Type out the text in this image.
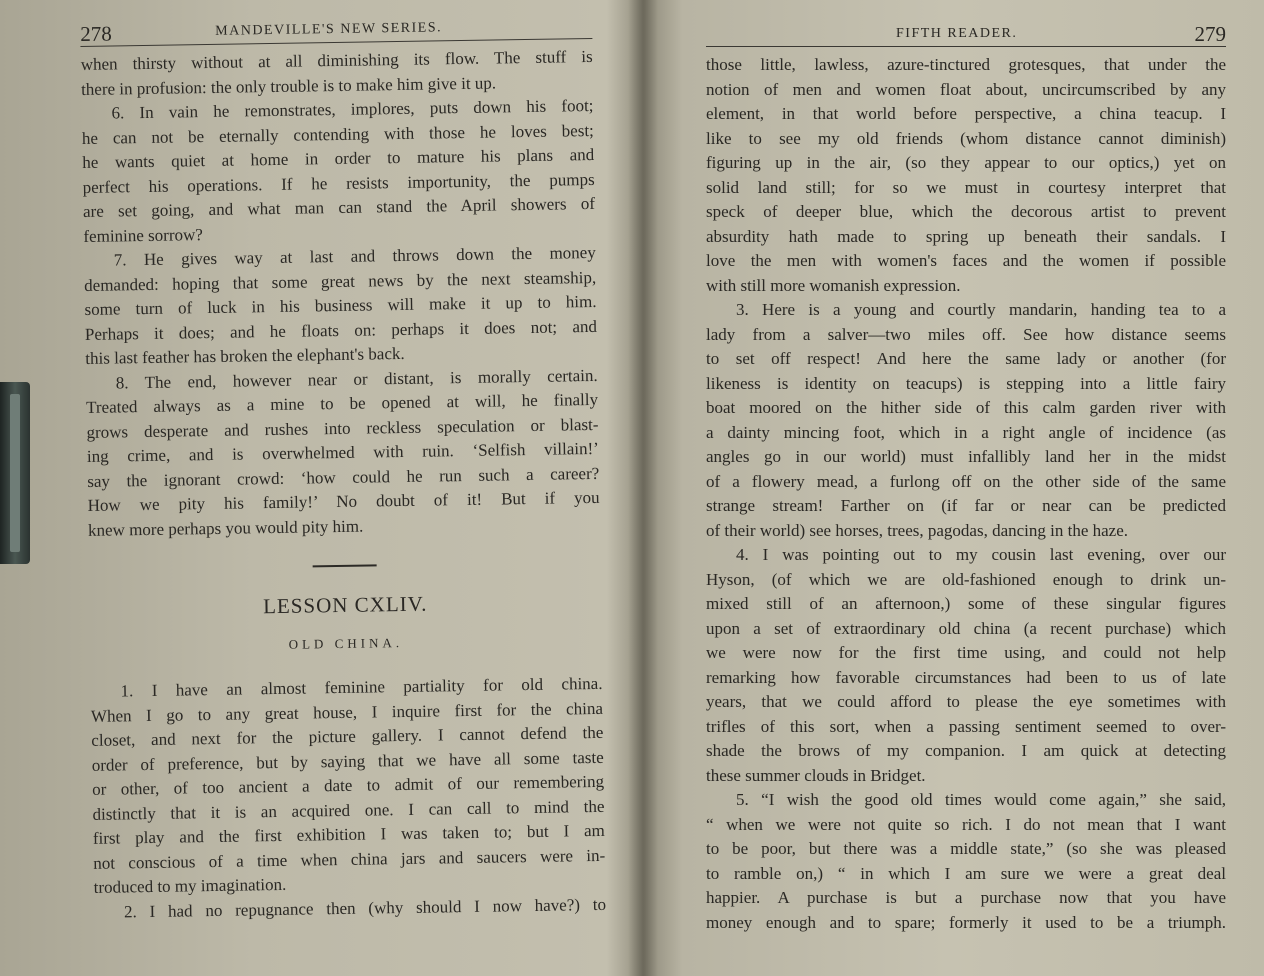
278	MANDEVILLE'S NEW SERIES.
when thirsty without at all diminishing its flow. The stuff is
there in profusion: the only trouble is to make him give it up.
6. In vain he remonstrates, implores, puts down his foot;
he can not be eternally contending with those he loves best;
he wants quiet at home in order to mature his plans and
perfect his operations. If he resists importunity, the pumps
are set going, and what man can stand the April showers of
feminine sorrow?
7. He gives way at last and throws down the money
demanded: hoping that some great news by the next steamship,
some turn of luck in his business will make it up to him.
Perhaps it does; and he floats on: perhaps it does not; and
this last feather has broken the elephant's back.
8. The end, however near or distant, is morally certain.
Treated always as a mine to be opened at will, he finally
grows desperate and rushes into reckless speculation or blast-
ing crime, and is overwhelmed with ruin. ‘Selfish villain!’
say the ignorant crowd: ‘how could he run such a career?
How we pity his family!’ No doubt of it! But if you
knew more perhaps you would pity him.
LESSON CXLIV.
OLD CHINA.
1. I have an almost feminine partiality for old china.
When I go to any great house, I inquire first for the china
closet, and next for the picture gallery. I cannot defend the
order of preference, but by saying that we have all some taste
or other, of too ancient a date to admit of our remembering
distinctly that it is an acquired one. I can call to mind the
first play and the first exhibition I was taken to; but I am
not conscious of a time when china jars and saucers were in-
troduced to my imagination.
2. I had no repugnance then (why should I now have?) to
FIFTH READER.	279
those little, lawless, azure-tinctured grotesques, that under the
notion of men and women float about, uncircumscribed by any
element, in that world before perspective, a china teacup. I
like to see my old friends (whom distance cannot diminish)
figuring up in the air, (so they appear to our optics,) yet on
solid land still; for so we must in courtesy interpret that
speck of deeper blue, which the decorous artist to prevent
absurdity hath made to spring up beneath their sandals. I
love the men with women's faces and the women if possible
with still more womanish expression.
3. Here is a young and courtly mandarin, handing tea to a
lady from a salver—two miles off. See how distance seems
to set off respect! And here the same lady or another (for
likeness is identity on teacups) is stepping into a little fairy
boat moored on the hither side of this calm garden river with
a dainty mincing foot, which in a right angle of incidence (as
angles go in our world) must infallibly land her in the midst
of a flowery mead, a furlong off on the other side of the same
strange stream! Farther on (if far or near can be predicted
of their world) see horses, trees, pagodas, dancing in the haze.
4. I was pointing out to my cousin last evening, over our
Hyson, (of which we are old-fashioned enough to drink un-
mixed still of an afternoon,) some of these singular figures
upon a set of extraordinary old china (a recent purchase) which
we were now for the first time using, and could not help
remarking how favorable circumstances had been to us of late
years, that we could afford to please the eye sometimes with
trifles of this sort, when a passing sentiment seemed to over-
shade the brows of my companion. I am quick at detecting
these summer clouds in Bridget.
5. “I wish the good old times would come again,” she said,
“ when we were not quite so rich. I do not mean that I want
to be poor, but there was a middle state,” (so she was pleased
to ramble on,) “ in which I am sure we were a great deal
happier. A purchase is but a purchase now that you have
money enough and to spare; formerly it used to be a triumph.
